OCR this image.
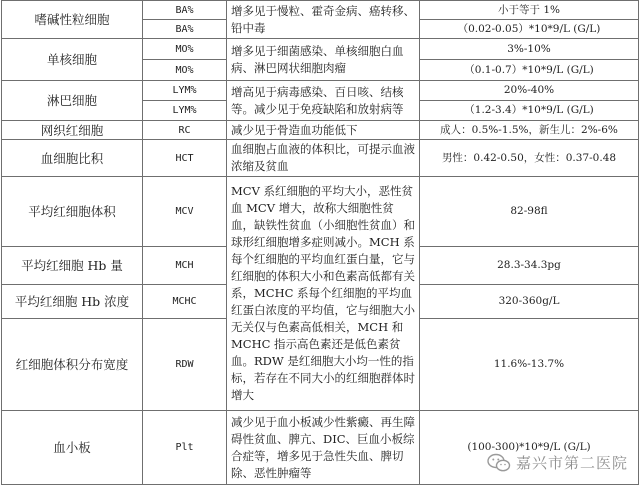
嗜碱性粒细胞	BA%	增多见于慢粒、霍奇金病、癌转移、铅中毒	小于等于 1%
	BA%		（0.02-0.05）*10*9/L (G/L)
单核细胞	MO%	增多见于细菌感染、单核细胞白血病、淋巴网状细胞肉瘤	3%-10%
	MO%		（0.1-0.7）*10*9/L (G/L)
淋巴细胞	LYM%	增高见于病毒感染、百日咳、结核等。减少见于免疫缺陷和放射病等	20%-40%
	LYM%		（1.2-3.4）*10*9/L (G/L)
网织红细胞	RC	减少见于骨造血功能低下	成人：0.5%-1.5%，新生儿：2%-6%
血细胞比积	HCT	血细胞占血液的体积比，可提示血液浓缩及贫血	男性：0.42-0.50，女性：0.37-0.48
平均红细胞体积	MCV	MCV 系红细胞的平均大小，恶性贫血 MCV 增大，故称大细胞性贫血，缺铁性贫血（小细胞性贫血）和球形红细胞增多症则减小。MCH 系每个红细胞的平均血红蛋白量，它与红细胞的体积大小和色素高低都有关系，MCHC 系每个红细胞的平均血红蛋白浓度的平均值，它与细胞大小无关仅与色素高低相关，MCH 和 MCHC 指示高色素还是低色素贫血。RDW 是红细胞大小均一性的指标，若存在不同大小的红细胞群体时增大	82-98fl
平均红细胞 Hb 量	MCH		28.3-34.3pg
平均红细胞 Hb 浓度	MCHC		320-360g/L
红细胞体积分布宽度	RDW		11.6%-13.7%
血小板	Plt	减少见于血小板减少性紫癜、再生障碍性贫血、脾亢、DIC、巨血小板综合症等，增多见于急性失血、脾切除、恶性肿瘤等	(100-300)*10*9/L (G/L)
嘉兴市第二医院
